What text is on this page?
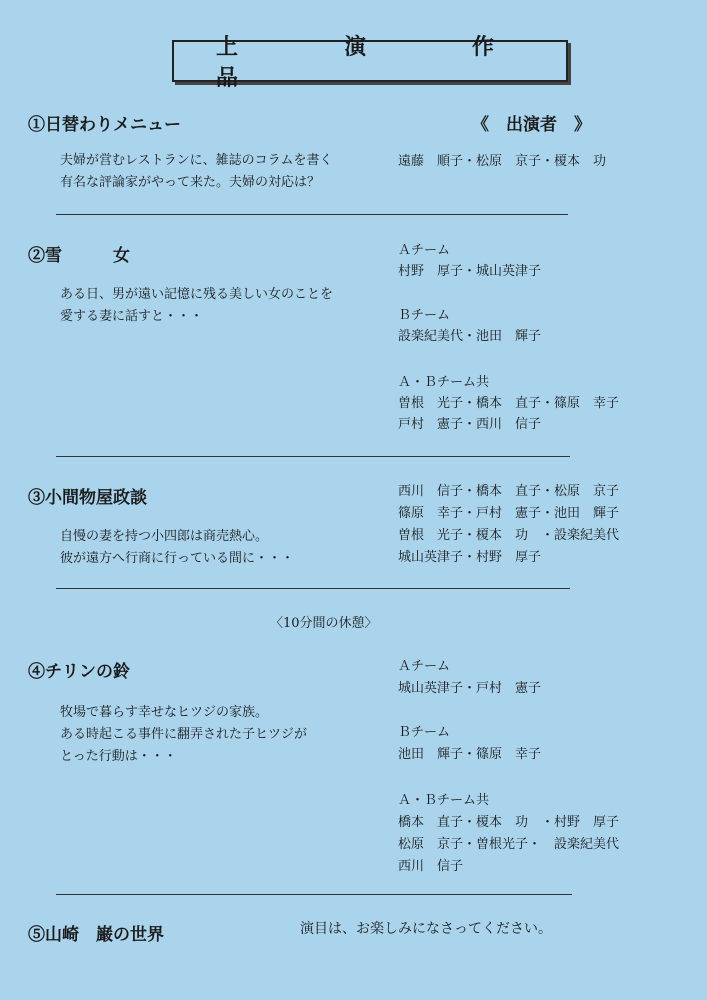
上　演　作　品
①日替わりメニュー	《　出演者　》
夫婦が営むレストランに、雑誌のコラムを書く
有名な評論家がやって来た。夫婦の対応は？
遠藤　順子・松原　京子・榎本　功
②雪　　　女
ある日、男が遠い記憶に残る美しい女のことを
愛する妻に話すと・・・
Ａチーム
村野　厚子・城山英津子
Ｂチーム
設楽紀美代・池田　輝子
Ａ・Ｂチーム共
曽根　光子・橋本　直子・篠原　幸子
戸村　憲子・西川　信子
③小間物屋政談
自慢の妻を持つ小四郎は商売熱心。
彼が遠方へ行商に行っている間に・・・
西川　信子・橋本　直子・松原　京子
篠原　幸子・戸村　憲子・池田　輝子
曽根　光子・榎本　功　・設楽紀美代
城山英津子・村野　厚子
〈10分間の休憩〉
④チリンの鈴
牧場で暮らす幸せなヒツジの家族。
ある時起こる事件に翻弄された子ヒツジが
とった行動は・・・
Ａチーム
城山英津子・戸村　憲子
Ｂチーム
池田　輝子・篠原　幸子
Ａ・Ｂチーム共
橋本　直子・榎本　功　・村野　厚子
松原　京子・曽根光子・　設楽紀美代
西川　信子
⑤山崎　巌の世界	演目は、お楽しみになさってください。
